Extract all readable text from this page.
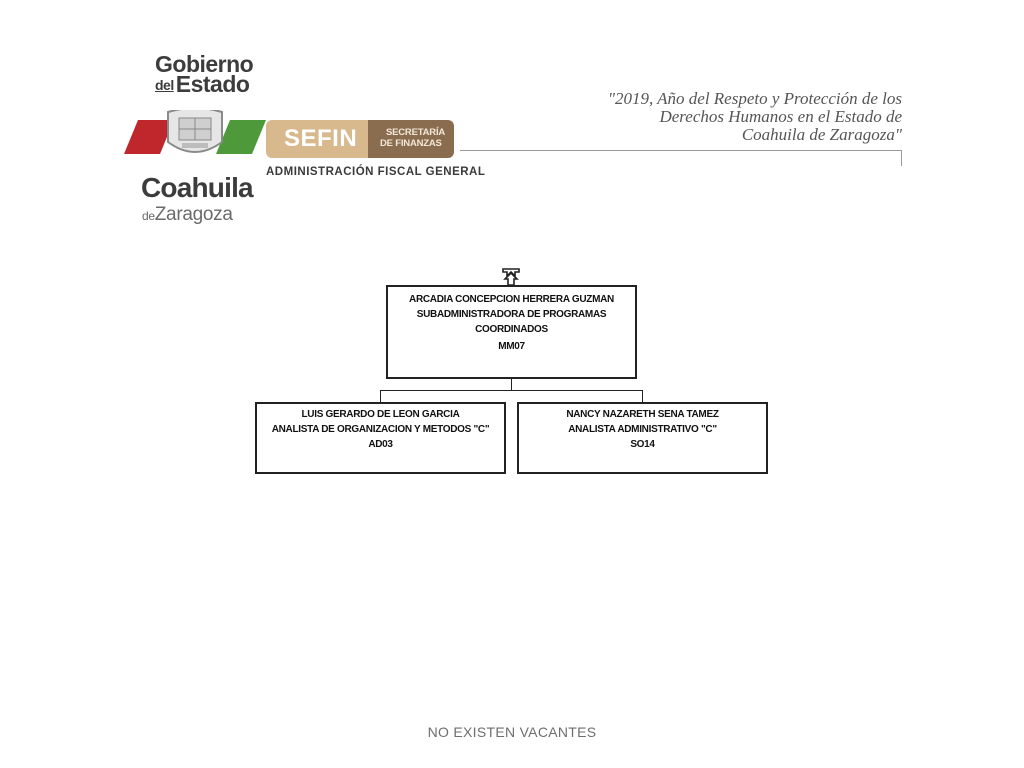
Gobierno
delEstado
Coahuila
deZaragoza
SEFIN	SECRETARÍA
DE FINANZAS
ADMINISTRACIÓN FISCAL GENERAL
"2019, Año del Respeto y Protección de los
Derechos Humanos en el Estado de
Coahuila de Zaragoza"
ARCADIA CONCEPCION HERRERA GUZMAN
SUBADMINISTRADORA DE PROGRAMAS
COORDINADOS
MM07
LUIS GERARDO DE LEON GARCIA
ANALISTA DE ORGANIZACION Y METODOS "C"
AD03
NANCY NAZARETH SENA TAMEZ
ANALISTA ADMINISTRATIVO "C"
SO14
NO EXISTEN VACANTES
